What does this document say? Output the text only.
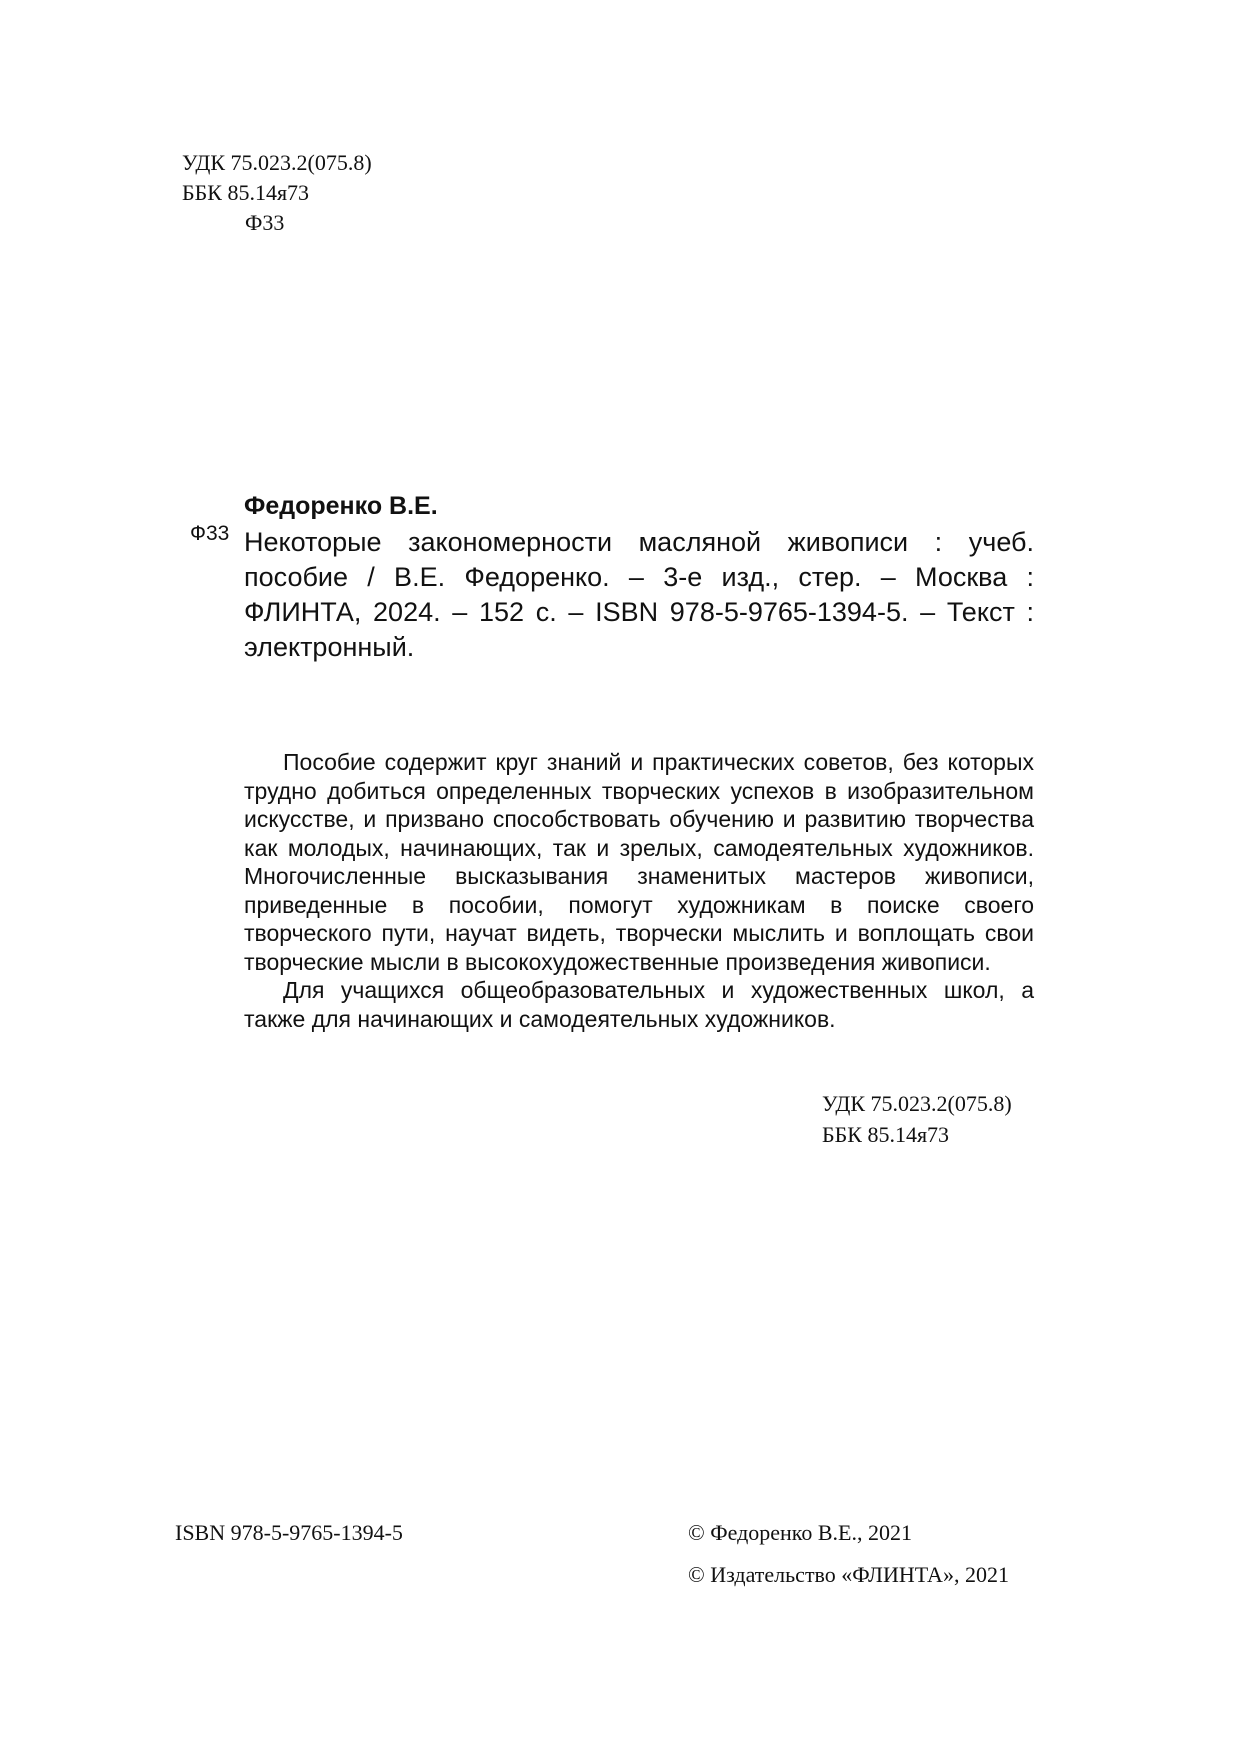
УДК 75.023.2(075.8)
ББК 85.14я73
Ф33
Федоренко В.Е.
Ф33 Некоторые закономерности масляной живописи : учеб. пособие / В.Е. Федоренко. – 3-е изд., стер. – Москва : ФЛИНТА, 2024. – 152 с. – ISBN 978-5-9765-1394-5. – Текст : электронный.

Пособие содержит круг знаний и практических советов, без которых трудно добиться определенных творческих успехов в изобразительном искусстве, и призвано способствовать обучению и развитию творчества как молодых, начинающих, так и зрелых, самодеятельных художников. Многочисленные высказывания знаменитых мастеров живописи, приведенные в пособии, помогут художникам в поиске своего творческого пути, научат видеть, творчески мыслить и воплощать свои творческие мысли в высокохудожественные произведения живописи.

Для учащихся общеобразовательных и художественных школ, а также для начинающих и самодеятельных художников.

УДК 75.023.2(075.8)
ББК 85.14я73
ISBN 978-5-9765-1394-5	© Федоренко В.Е., 2021
© Издательство «ФЛИНТА», 2021
